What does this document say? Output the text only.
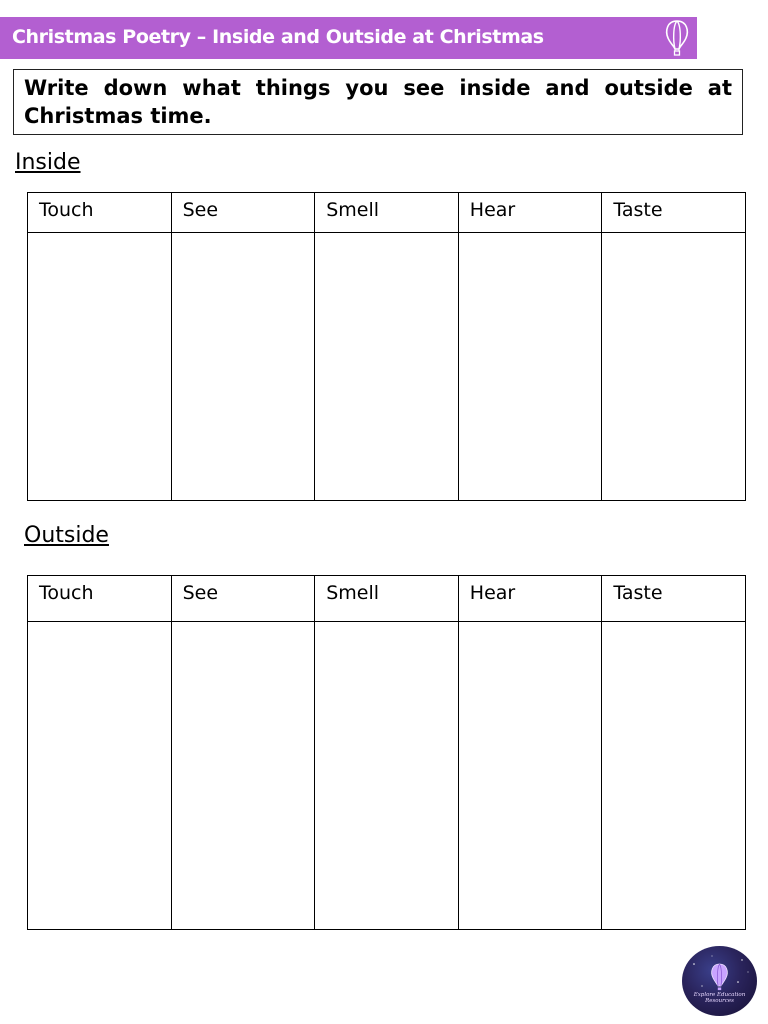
Christmas Poetry – Inside and Outside at Christmas

Write down what things you see inside and outside at Christmas time.

Inside
Touch	See	Smell	Hear	Taste

Outside
Touch	See	Smell	Hear	Taste

Explore Education Resources
